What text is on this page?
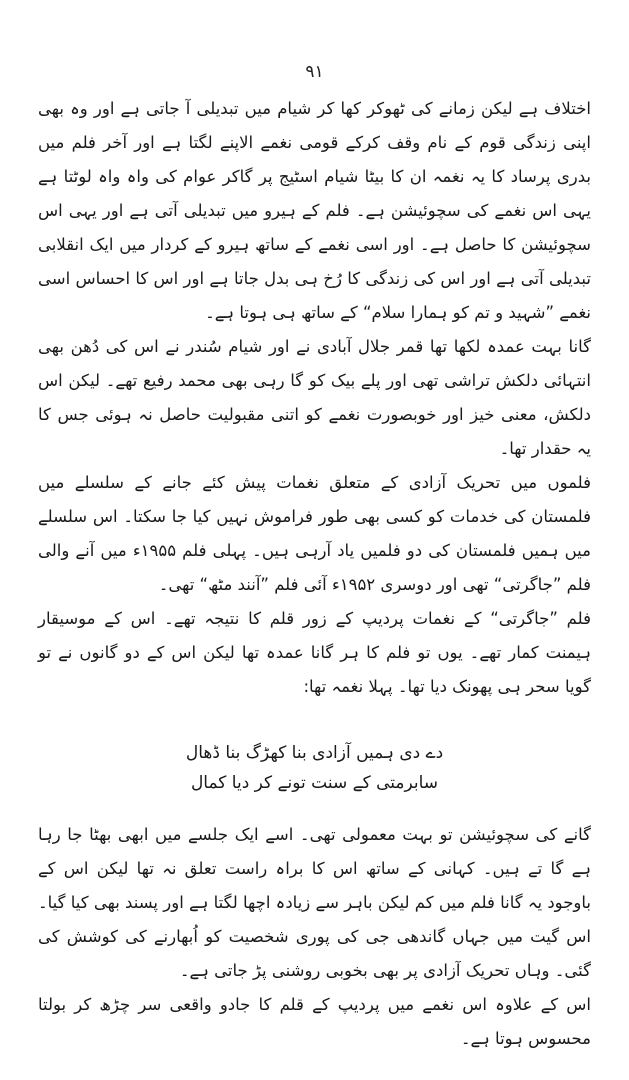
۹۱

اختلاف ہے لیکن زمانے کی ٹھوکر کھا کر شیام میں تبدیلی آ جاتی ہے اور وہ بھی اپنی زندگی قوم کے نام وقف کرکے قومی نغمے الاپنے لگتا ہے اور آخر فلم میں بدری پرساد کا یہ نغمہ ان کا بیٹا شیام اسٹیج پر گاکر عوام کی واہ واہ لوٹتا ہے یہی اس نغمے کی سچوئیشن ہے۔ فلم کے ہیرو میں تبدیلی آتی ہے اور یہی اس سچوئیشن کا حاصل ہے۔ اور اسی نغمے کے ساتھ ہیرو کے کردار میں ایک انقلابی تبدیلی آتی ہے اور اس کی زندگی کا رُخ ہی بدل جاتا ہے اور اس کا احساس اسی نغمے ”شہید و تم کو ہمارا سلام“ کے ساتھ ہی ہوتا ہے۔

گانا بہت عمدہ لکھا تھا قمر جلال آبادی نے اور شیام سُندر نے اس کی دُھن بھی انتہائی دلکش تراشی تھی اور پلے بیک کو گا رہی بھی محمد رفیع تھے۔ لیکن اس دلکش، معنی خیز اور خوبصورت نغمے کو اتنی مقبولیت حاصل نہ ہوئی جس کا یہ حقدار تھا۔

فلموں میں تحریک آزادی کے متعلق نغمات پیش کئے جانے کے سلسلے میں فلمستان کی خدمات کو کسی بھی طور فراموش نہیں کیا جا سکتا۔ اس سلسلے میں ہمیں فلمستان کی دو فلمیں یاد آرہی ہیں۔ پہلی فلم ۱۹۵۵ء میں آنے والی فلم ”جاگرتی“ تھی اور دوسری ۱۹۵۲ء آئی فلم ”آنند مٹھ“ تھی۔

فلم ”جاگرتی“ کے نغمات پردیپ کے زور قلم کا نتیجہ تھے۔ اس کے موسیقار ہیمنت کمار تھے۔ یوں تو فلم کا ہر گانا عمدہ تھا لیکن اس کے دو گانوں نے تو گویا سحر ہی پھونک دیا تھا۔ پہلا نغمہ تھا:

دے دی ہمیں آزادی بنا کھڑگ بنا ڈھال
سابرمتی کے سنت تونے کر دیا کمال

گانے کی سچوئیشن تو بہت معمولی تھی۔ اسے ایک جلسے میں ابھی بھٹا جا رہا ہے گا تے ہیں۔ کہانی کے ساتھ اس کا براہ راست تعلق نہ تھا لیکن اس کے باوجود یہ گانا فلم میں کم لیکن باہر سے زیادہ اچھا لگتا ہے اور پسند بھی کیا گیا۔ اس گیت میں جہاں گاندھی جی کی پوری شخصیت کو اُبھارنے کی کوشش کی گئی۔ وہاں تحریک آزادی پر بھی بخوبی روشنی پڑ جاتی ہے۔

اس کے علاوہ اس نغمے میں پردیپ کے قلم کا جادو واقعی سر چڑھ کر بولتا محسوس ہوتا ہے۔
